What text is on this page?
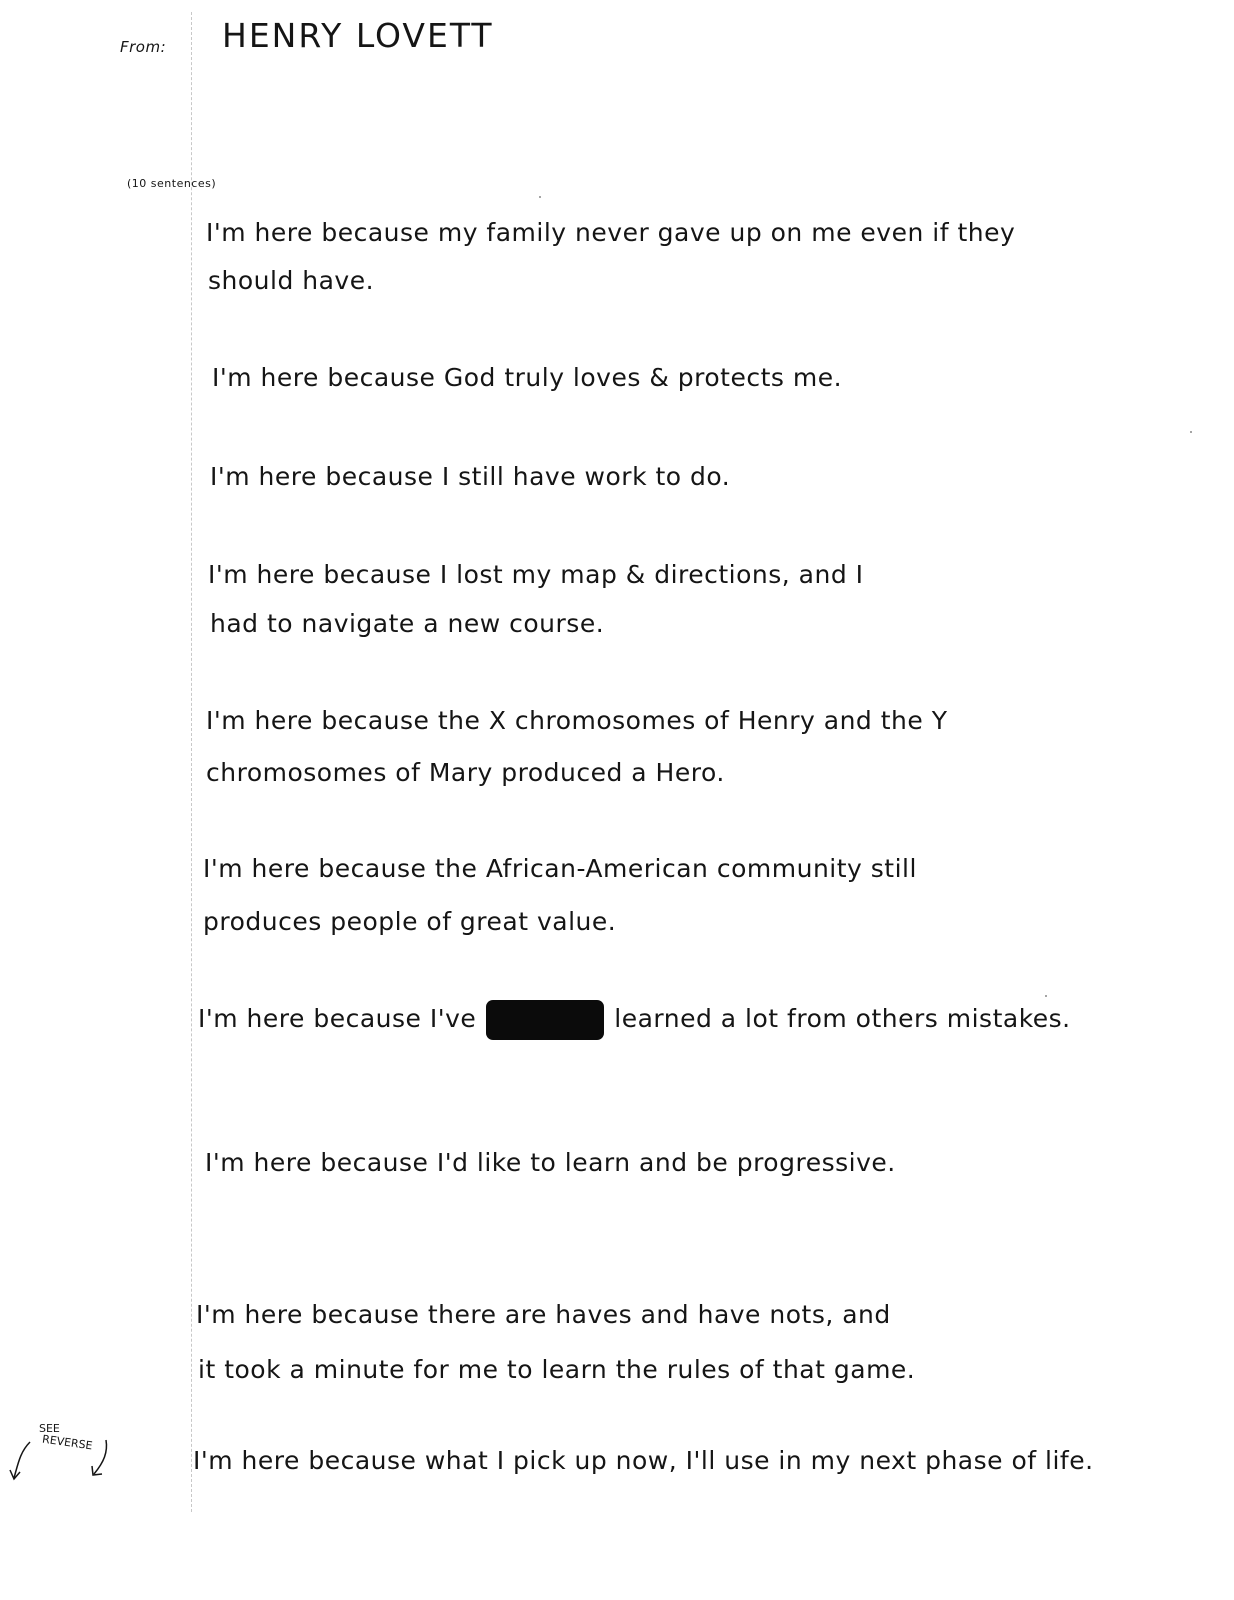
From: HENRY LOVETT
(10 sentences)
I'm here because my family never gave up on me even if they
should have.
I'm here because God truly loves & protects me.
I'm here because I still have work to do.
I'm here because I lost my map & directions, and I
had to navigate a new course.
I'm here because the X chromosomes of Henry and the Y
chromosomes of Mary produced a Hero.
I'm here because the African-American community still
produces people of great value.
I'm here because I've	learned a lot from others mistakes.
I'm here because I'd like to learn and be progressive.
I'm here because there are haves and have nots, and
it took a minute for me to learn the rules of that game.
I'm here because what I pick up now, I'll use in my next phase of life.
SEE
REVERSE
